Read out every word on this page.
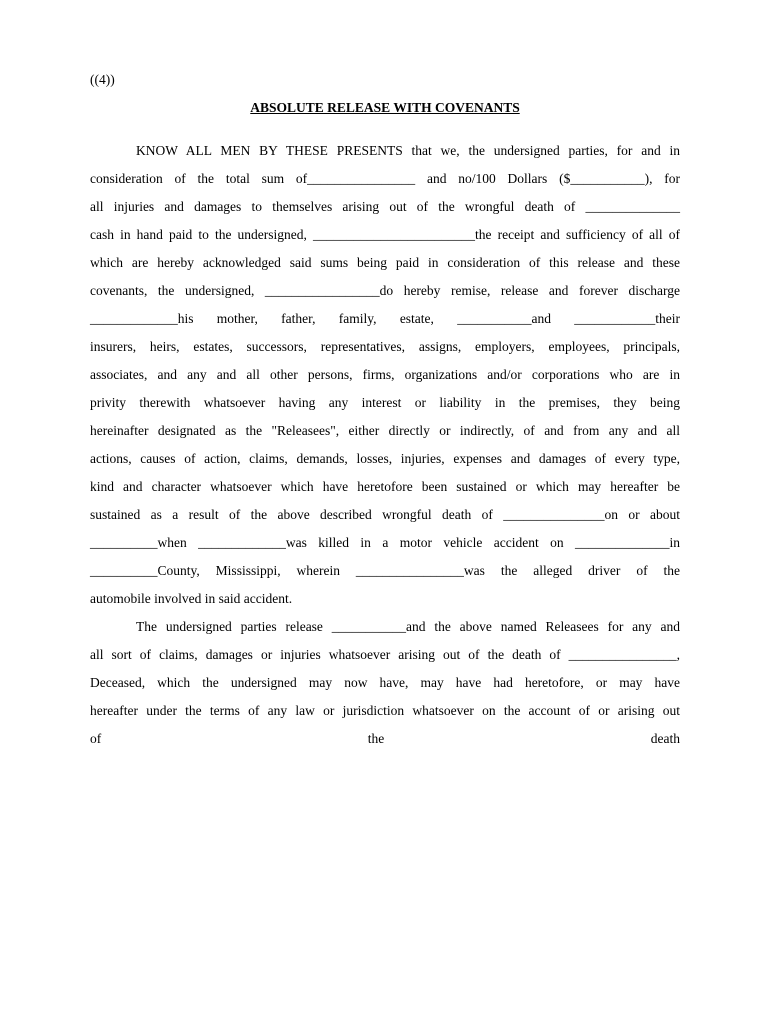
((4))
ABSOLUTE RELEASE WITH COVENANTS
KNOW ALL MEN BY THESE PRESENTS that we, the undersigned parties, for and in
consideration of the total sum of________________ and no/100 Dollars ($___________), for
all injuries and damages to themselves arising out of the wrongful death of ______________
cash in hand paid to the undersigned, ________________________the receipt and sufficiency of all of
which are hereby acknowledged said sums being paid in consideration of this release and these
covenants, the undersigned, _________________do hereby remise, release and forever discharge
_____________his mother, father, family, estate, ___________and ____________their
insurers, heirs, estates, successors, representatives, assigns, employers, employees, principals,
associates, and any and all other persons, firms, organizations and/or corporations who are in
privity therewith whatsoever having any interest or liability in the premises, they being
hereinafter designated as the "Releasees", either directly or indirectly, of and from any and all
actions, causes of action, claims, demands, losses, injuries, expenses and damages of every type,
kind and character whatsoever which have heretofore been sustained or which may hereafter be
sustained as a result of the above described wrongful death of _______________on or about
__________when _____________was killed in a motor vehicle accident on ______________in
__________County, Mississippi, wherein ________________was the alleged driver of the
automobile involved in said accident.
The undersigned parties release ___________and the above named Releasees for any and
all sort of claims, damages or injuries whatsoever arising out of the death of ________________,
Deceased, which the undersigned may now have, may have had heretofore, or may have
hereafter under the terms of any law or jurisdiction whatsoever on the account of or arising out
of the death
